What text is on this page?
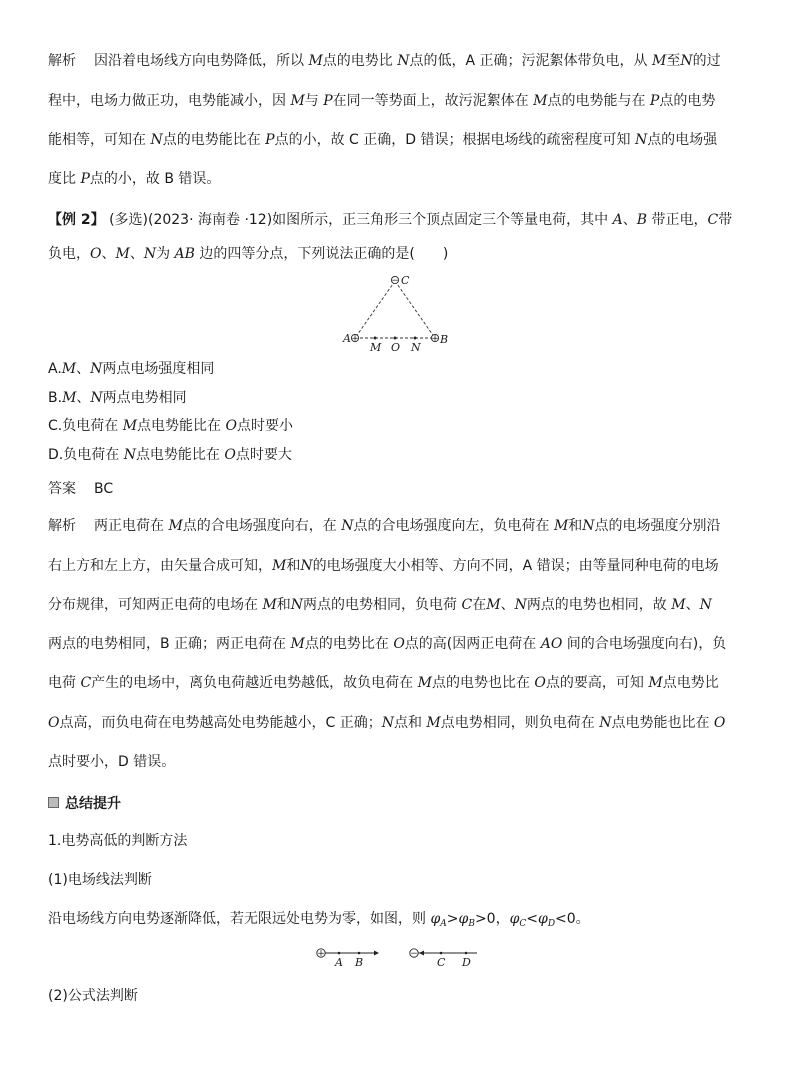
解析 因沿着电场线方向电势降低，所以 M点的电势比 N点的低，A 正确；污泥絮体带负电，从 M至N的过
程中，电场力做正功，电势能减小，因 M与 P在同一等势面上，故污泥絮体在 M点的电势能与在 P点的电势
能相等，可知在 N点的电势能比在 P点的小，故 C 正确，D 错误；根据电场线的疏密程度可知 N点的电场强
度比 P点的小，故 B 错误。
【例 2】 (多选)(2023· 海南卷 ·12)如图所示，正三角形三个顶点固定三个等量电荷，其中 A、B 带正电，C带
负电，O、M、N为 AB 边的四等分点，下列说法正确的是(　　)
− C
+
A	+ B
M O N
A.M、N两点电场强度相同
B.M、N两点电势相同
C.负电荷在 M点电势能比在 O点时要小
D.负电荷在 N点电势能比在 O点时要大
答案 BC
解析 两正电荷在 M点的合电场强度向右，在 N点的合电场强度向左，负电荷在 M和N点的电场强度分别沿
右上方和左上方，由矢量合成可知，M和N的电场强度大小相等、方向不同，A 错误；由等量同种电荷的电场
分布规律，可知两正电荷的电场在 M和N两点的电势相同，负电荷 C在M、N两点的电势也相同，故 M、N
两点的电势相同，B 正确；两正电荷在 M点的电势比在 O点的高(因两正电荷在 AO 间的合电场强度向右)，负
电荷 C产生的电场中，离负电荷越近电势越低，故负电荷在 M点的电势也比在 O点的要高，可知 M点电势比
O点高，而负电荷在电势越高处电势能越小，C 正确；N点和 M点电势相同，则负电荷在 N点电势能也比在 O
点时要小，D 错误。
总结提升
1.电势高低的判断方法
(1)电场线法判断
沿电场线方向电势逐渐降低，若无限远处电势为零，如图，则 $\varphi_A>\varphi_B>0$，$\varphi_C<\varphi_D<0$。
+
A B
−
C D
(2)公式法判断
